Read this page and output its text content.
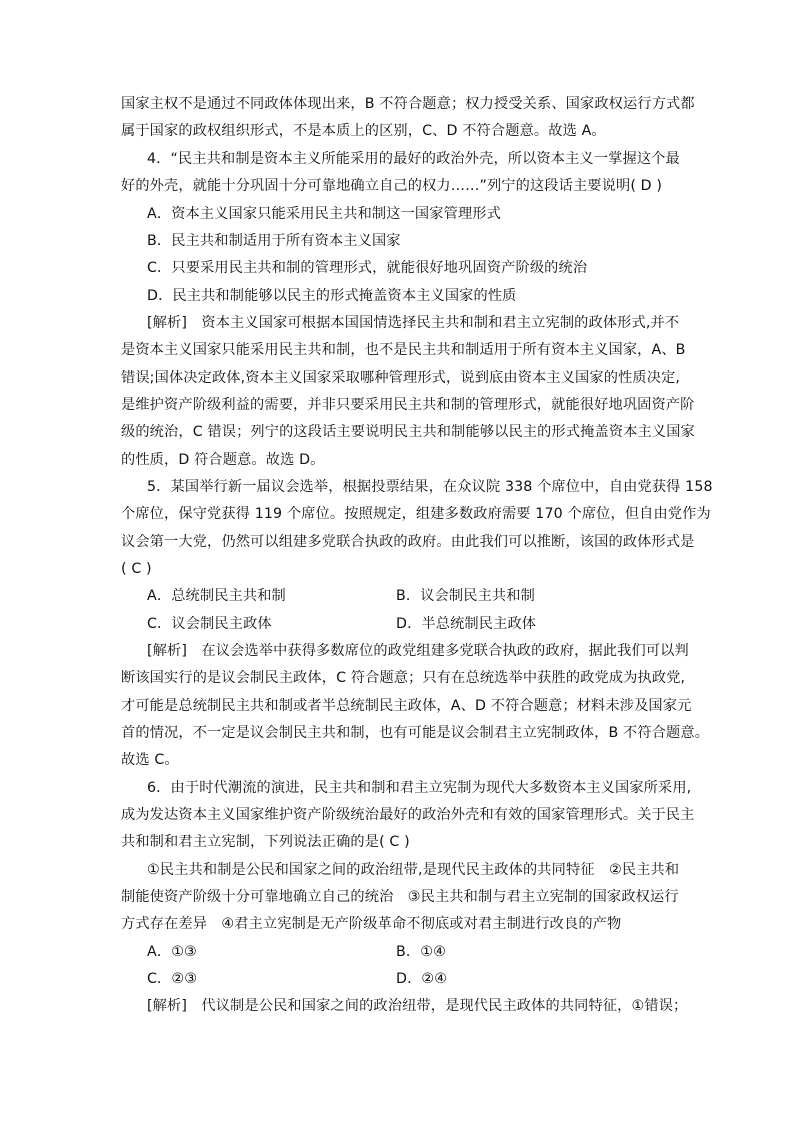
国家主权不是通过不同政体体现出来，B 不符合题意；权力授受关系、国家政权运行方式都
属于国家的政权组织形式，不是本质上的区别，C、D 不符合题意。故选 A。
4．“民主共和制是资本主义所能采用的最好的政治外壳，所以资本主义一掌握这个最
好的外壳，就能十分巩固十分可靠地确立自己的权力……”列宁的这段话主要说明( D )
A．资本主义国家只能采用民主共和制这一国家管理形式
B．民主共和制适用于所有资本主义国家
C．只要采用民主共和制的管理形式，就能很好地巩固资产阶级的统治
D．民主共和制能够以民主的形式掩盖资本主义国家的性质
[解析]　资本主义国家可根据本国国情选择民主共和制和君主立宪制的政体形式,并不
是资本主义国家只能采用民主共和制，也不是民主共和制适用于所有资本主义国家，A、B
错误;国体决定政体,资本主义国家采取哪种管理形式，说到底由资本主义国家的性质决定,
是维护资产阶级利益的需要，并非只要采用民主共和制的管理形式，就能很好地巩固资产阶
级的统治，C 错误；列宁的这段话主要说明民主共和制能够以民主的形式掩盖资本主义国家
的性质，D 符合题意。故选 D。
5．某国举行新一届议会选举，根据投票结果，在众议院 338 个席位中，自由党获得 158
个席位，保守党获得 119 个席位。按照规定，组建多数政府需要 170 个席位，但自由党作为
议会第一大党，仍然可以组建多党联合执政的政府。由此我们可以推断，该国的政体形式是
( C )
A．总统制民主共和制	B．议会制民主共和制
C．议会制民主政体	D．半总统制民主政体
[解析]　在议会选举中获得多数席位的政党组建多党联合执政的政府，据此我们可以判
断该国实行的是议会制民主政体，C 符合题意；只有在总统选举中获胜的政党成为执政党,
才可能是总统制民主共和制或者半总统制民主政体，A、D 不符合题意；材料未涉及国家元
首的情况，不一定是议会制民主共和制，也有可能是议会制君主立宪制政体，B 不符合题意。
故选 C。
6．由于时代潮流的演进，民主共和制和君主立宪制为现代大多数资本主义国家所采用,
成为发达资本主义国家维护资产阶级统治最好的政治外壳和有效的国家管理形式。关于民主
共和制和君主立宪制，下列说法正确的是( C )
①民主共和制是公民和国家之间的政治纽带,是现代民主政体的共同特征　②民主共和
制能使资产阶级十分可靠地确立自己的统治　③民主共和制与君主立宪制的国家政权运行
方式存在差异　④君主立宪制是无产阶级革命不彻底或对君主制进行改良的产物
A．①③	B．①④
C．②③	D．②④
[解析]　代议制是公民和国家之间的政治纽带，是现代民主政体的共同特征，①错误；
